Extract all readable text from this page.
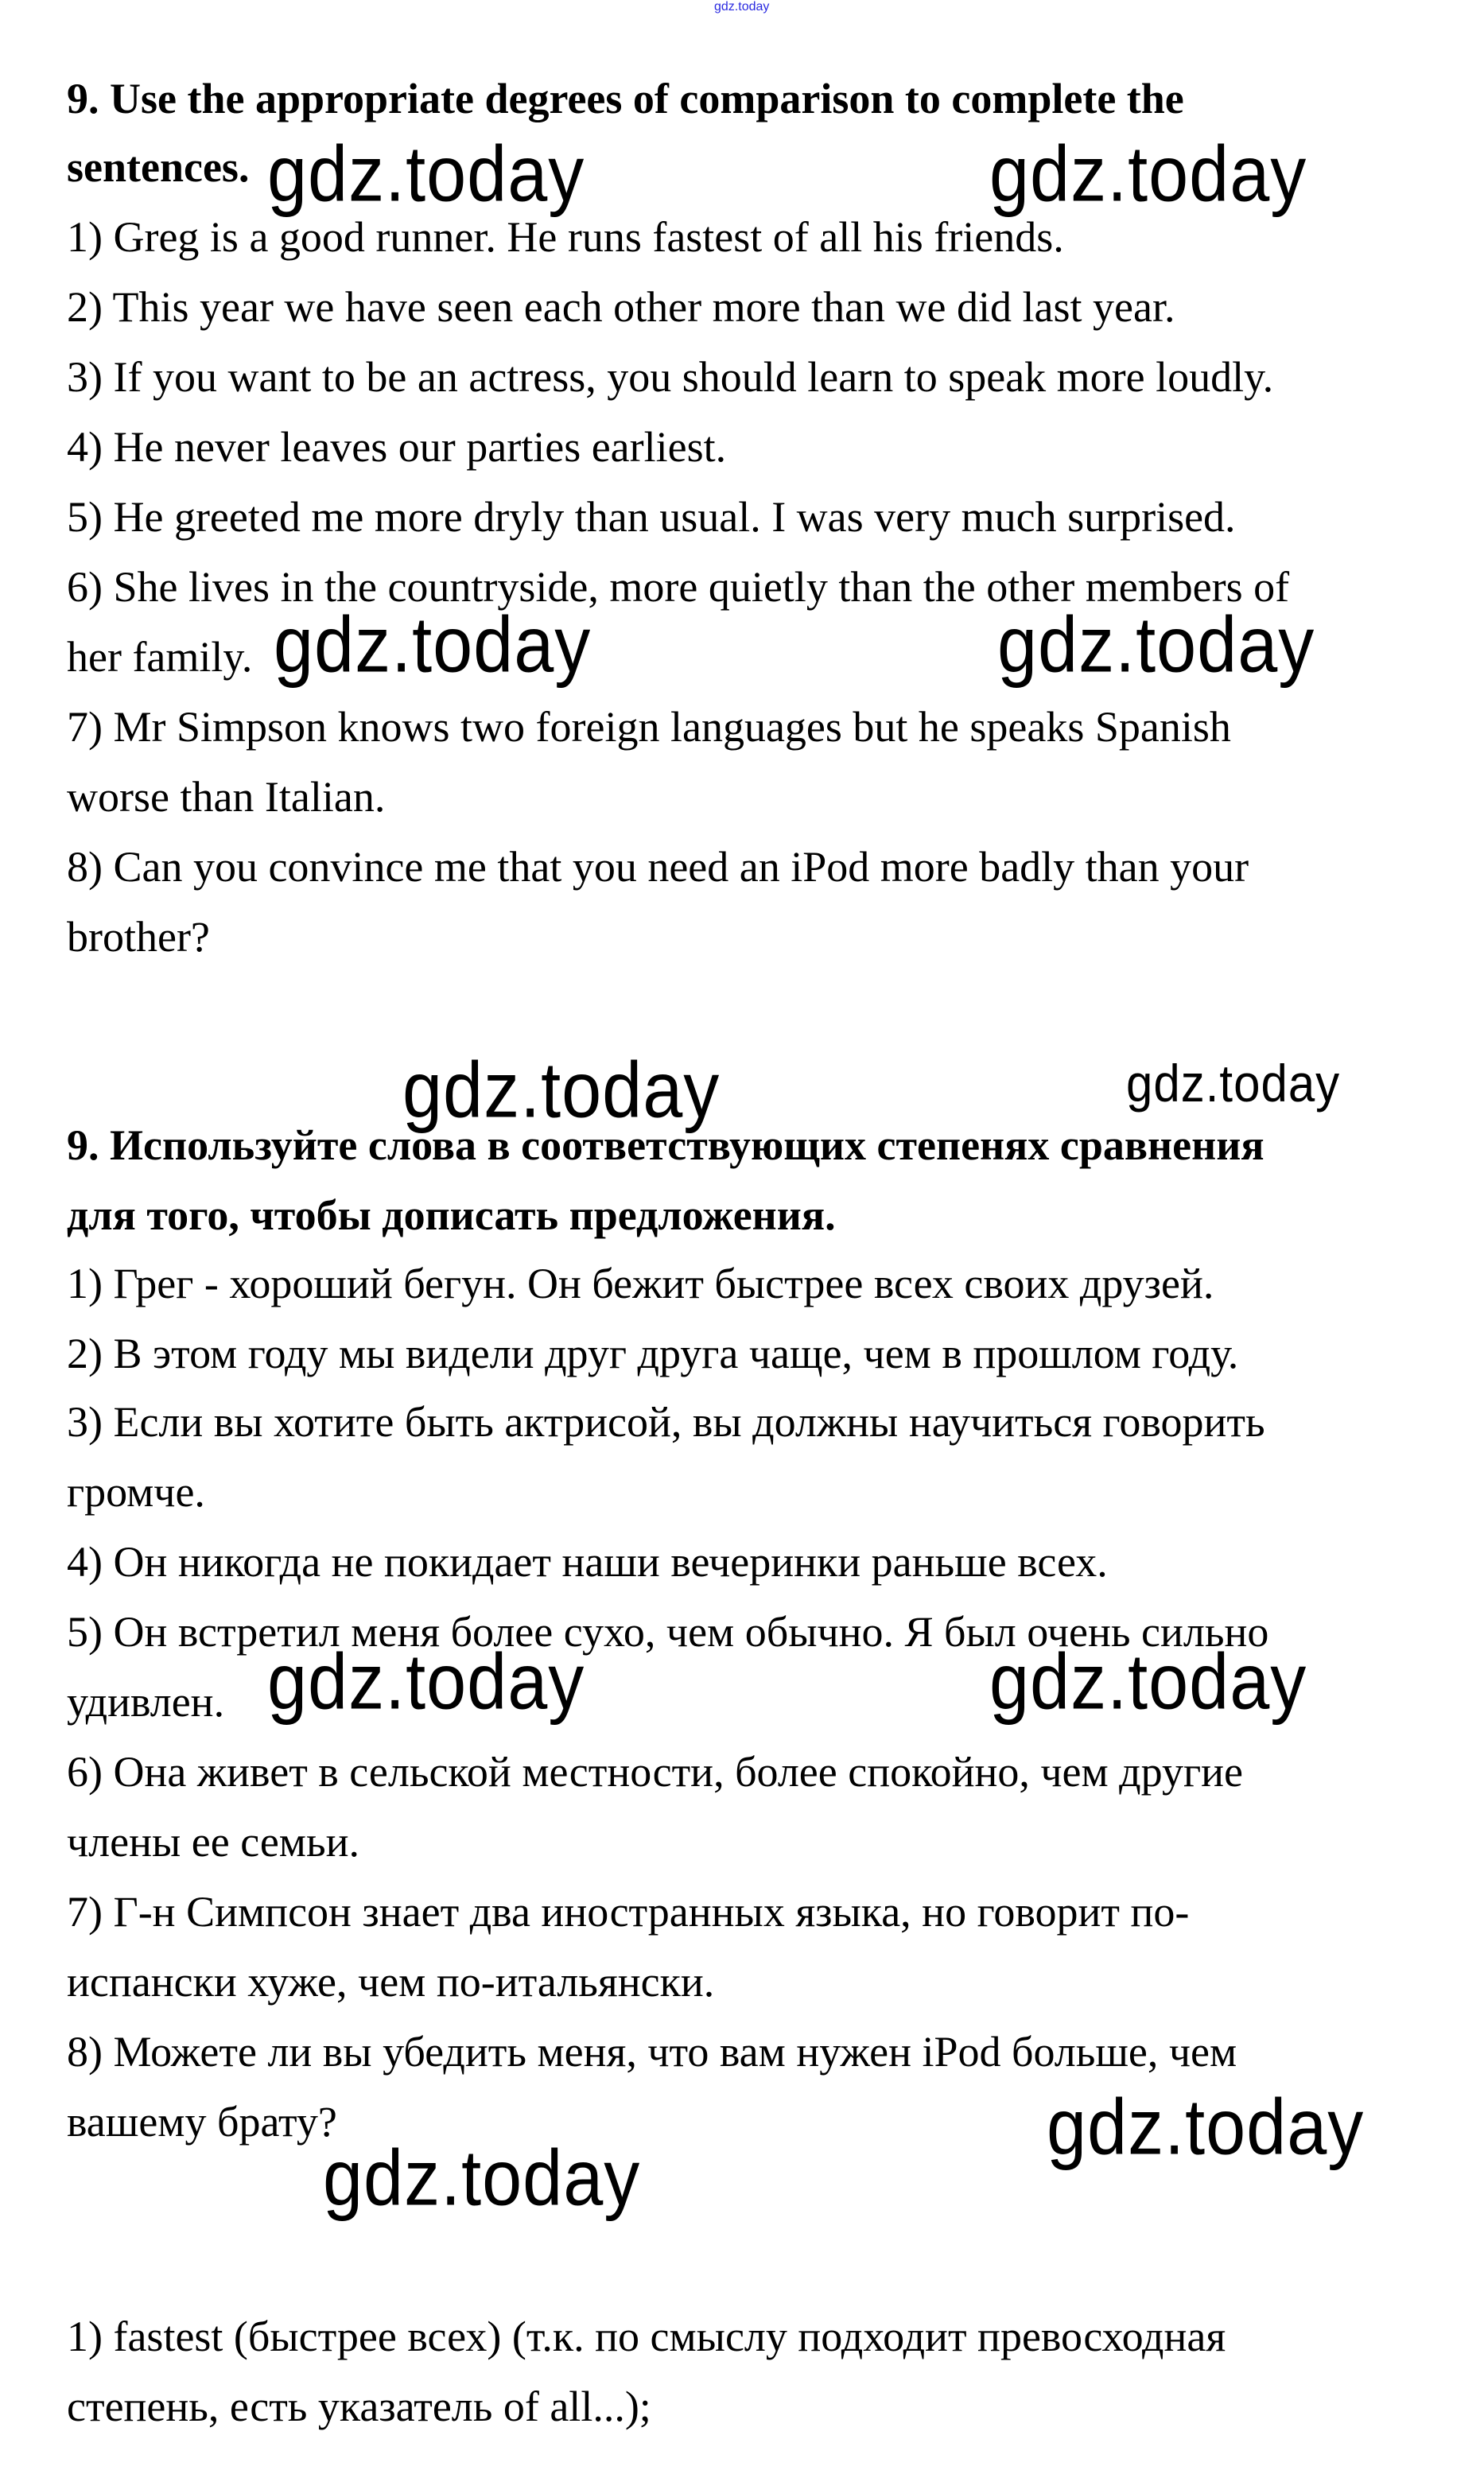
gdz.today
9. Use the appropriate degrees of comparison to complete the
sentences.
1) Greg is a good runner. He runs fastest of all his friends.
2) This year we have seen each other more than we did last year.
3) If you want to be an actress, you should learn to speak more loudly.
4) He never leaves our parties earliest.
5) He greeted me more dryly than usual. I was very much surprised.
6) She lives in the countryside, more quietly than the other members of
her family.
7) Mr Simpson knows two foreign languages but he speaks Spanish
worse than Italian.
8) Can you convince me that you need an iPod more badly than your
brother?
9. Используйте слова в соответствующих степенях сравнения
для того, чтобы дописать предложения.
1) Грег - хороший бегун. Он бежит быстрее всех своих друзей.
2) В этом году мы видели друг друга чаще, чем в прошлом году.
3) Если вы хотите быть актрисой, вы должны научиться говорить
громче.
4) Он никогда не покидает наши вечеринки раньше всех.
5) Он встретил меня более сухо, чем обычно. Я был очень сильно
удивлен.
6) Она живет в сельской местности, более спокойно, чем другие
члены ее семьи.
7) Г-н Симпсон знает два иностранных языка, но говорит по-
испански хуже, чем по-итальянски.
8) Можете ли вы убедить меня, что вам нужен iPod больше, чем
вашему брату?
1) fastest (быстрее всех) (т.к. по смыслу подходит превосходная
степень, есть указатель of all...);
gdz.today	gdz.today
gdz.today	gdz.today
gdz.today	gdz.today
gdz.today	gdz.today
gdz.today
gdz.today
